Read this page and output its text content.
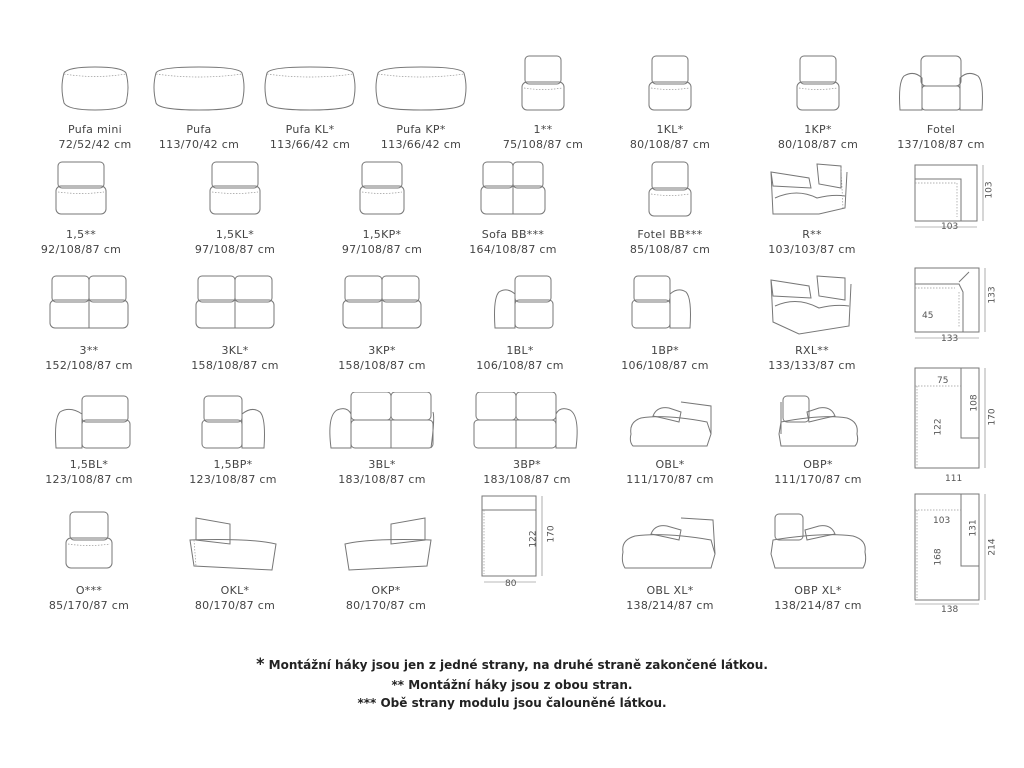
Pufa mini
72/52/42 cm
Pufa
113/70/42 cm
Pufa KL*
113/66/42 cm
Pufa KP*
113/66/42 cm
1**
75/108/87 cm
1KL*
80/108/87 cm
1KP*
80/108/87 cm
Fotel
137/108/87 cm
1,5**
92/108/87 cm
1,5KL*
97/108/87 cm
1,5KP*
97/108/87 cm
Sofa BB***
164/108/87 cm
Fotel BB***
85/108/87 cm
R**
103/103/87 cm
3**
152/108/87 cm
3KL*
158/108/87 cm
3KP*
158/108/87 cm
1BL*
106/108/87 cm
1BP*
106/108/87 cm
RXL**
133/133/87 cm
1,5BL*
123/108/87 cm
1,5BP*
123/108/87 cm
3BL*
183/108/87 cm
3BP*
183/108/87 cm
OBL*
111/170/87 cm
OBP*
111/170/87 cm
O***
85/170/87 cm
OKL*
80/170/87 cm
OKP*
80/170/87 cm
OBL XL*
138/214/87 cm
OBP XL*
138/214/87 cm
103
103
133
133
45
75
108
122
170
111
122 170
80
103 131
168
214
138
* Montážní háky jsou jen z jedné strany, na druhé straně zakončené látkou.
** Montážní háky jsou z obou stran.
*** Obě strany modulu jsou čalouněné látkou.
